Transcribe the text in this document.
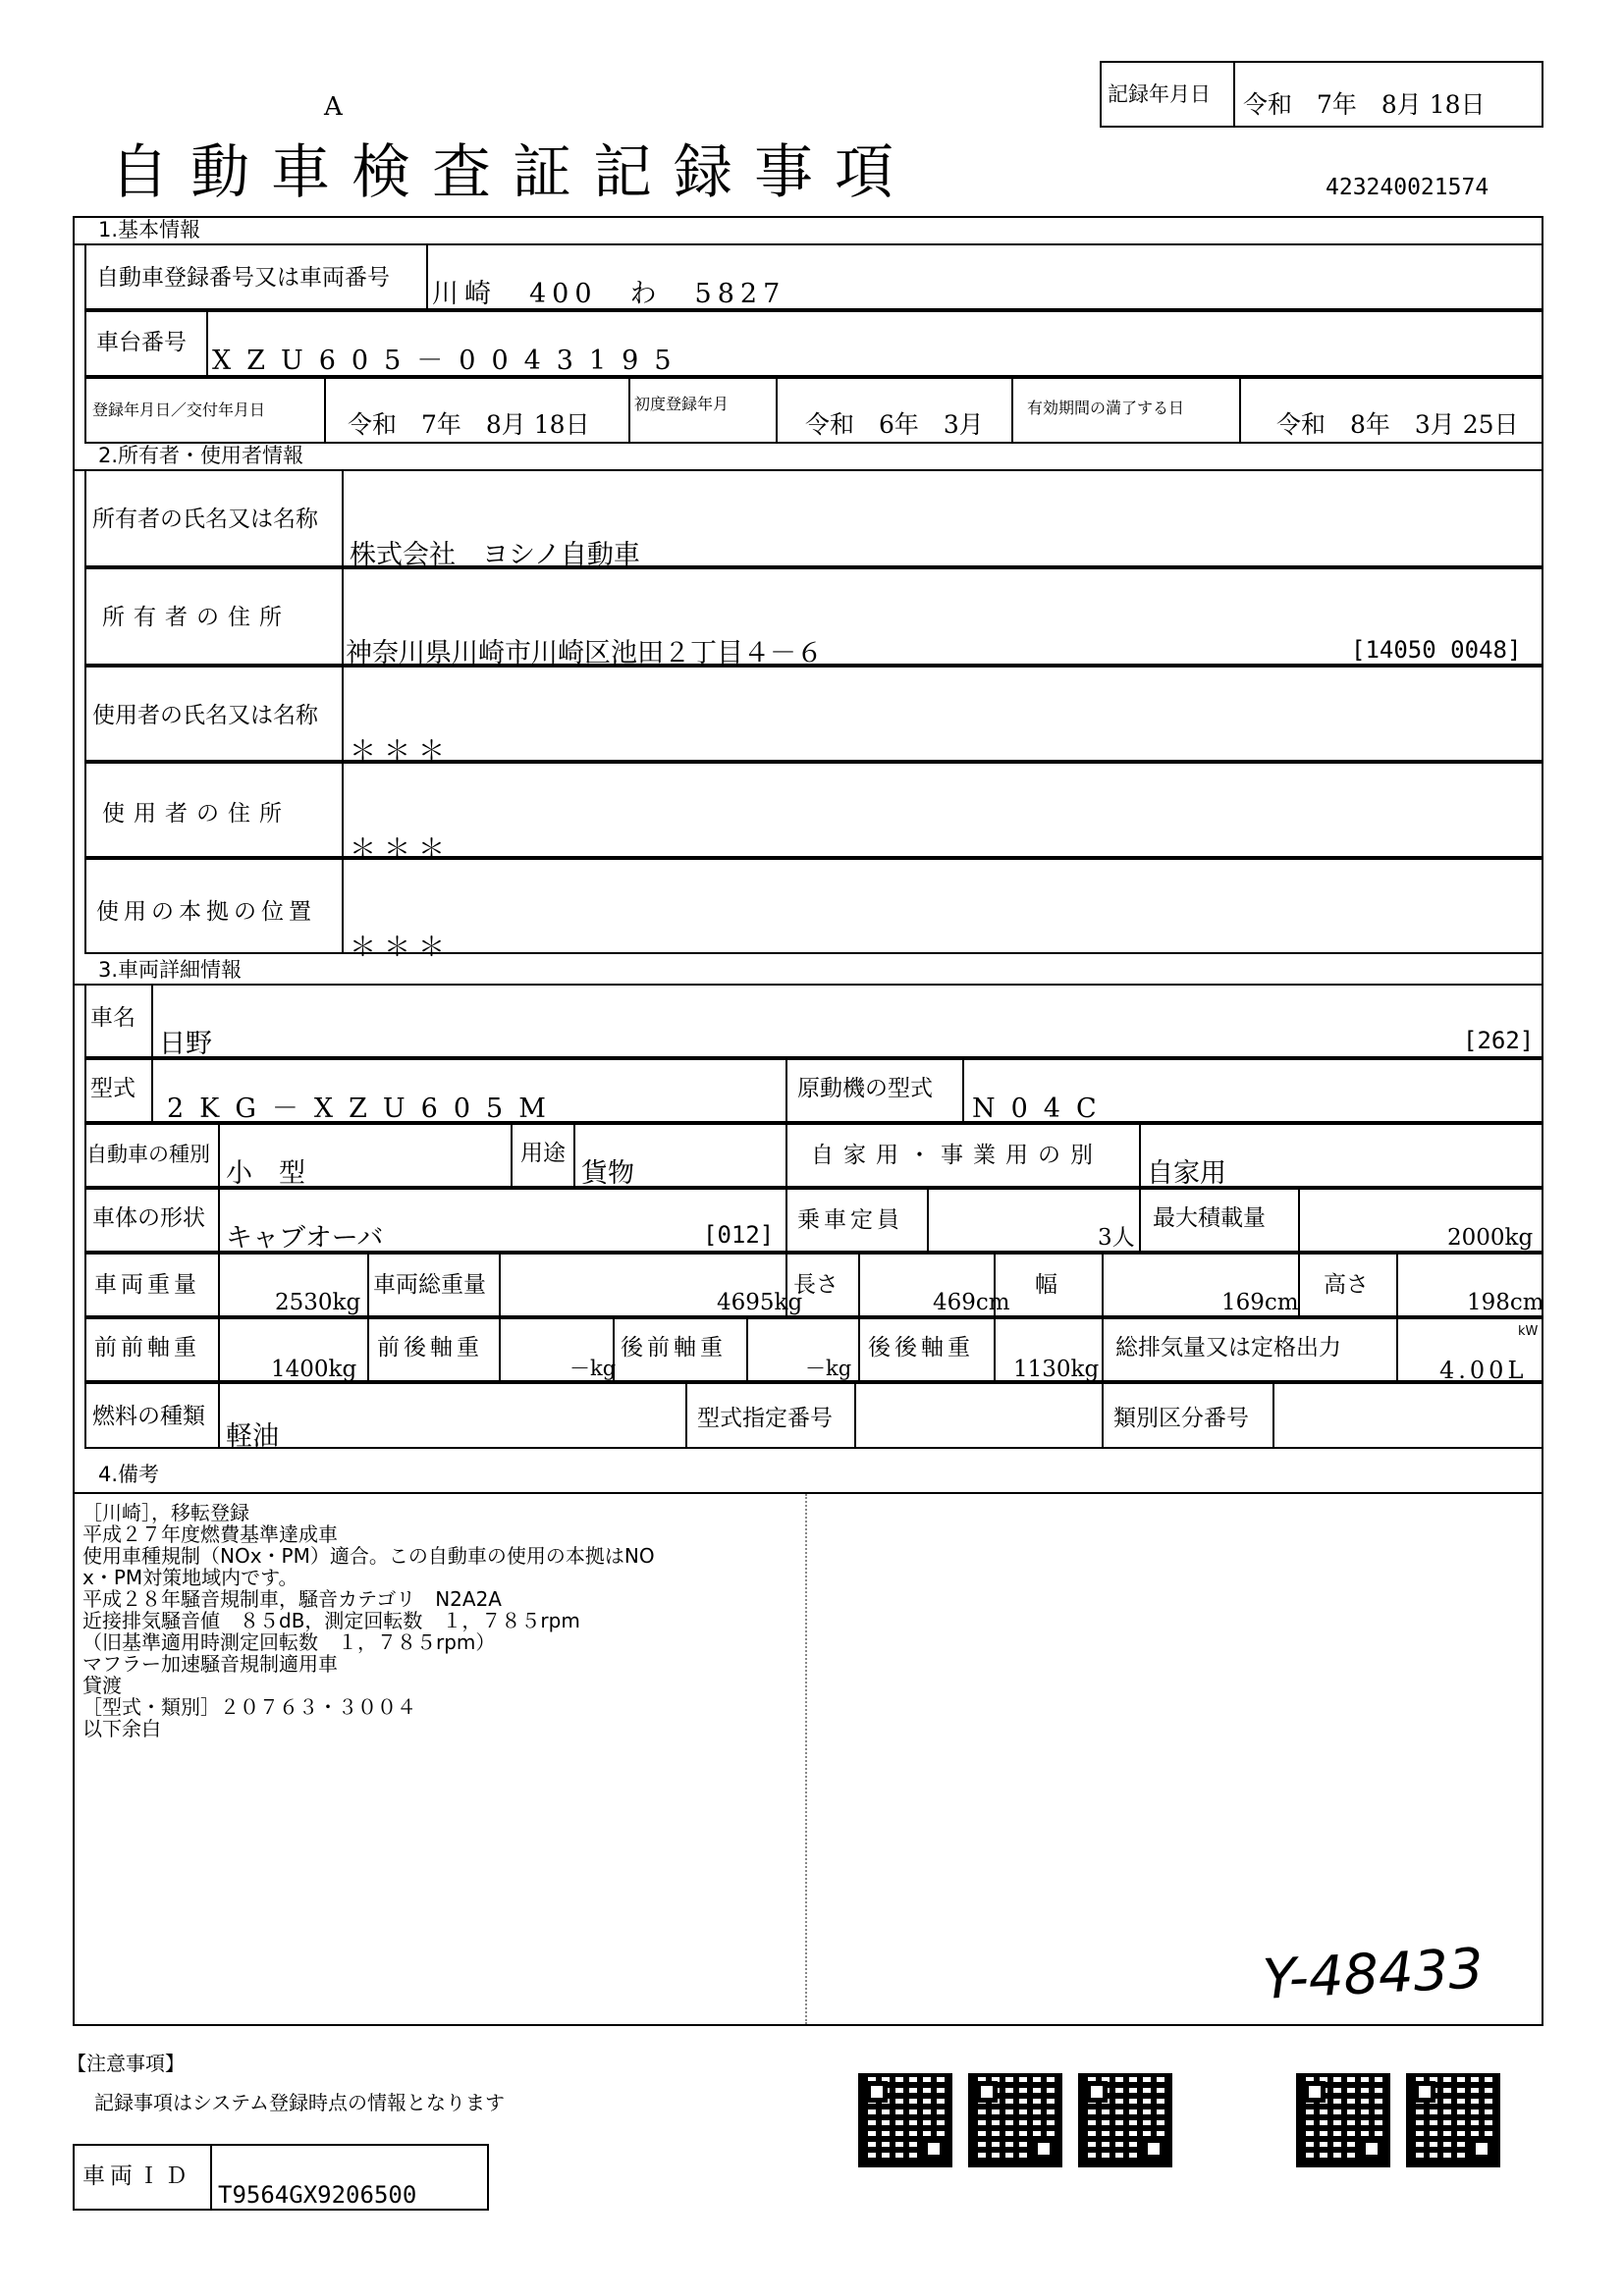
A
自動車検査証記録事項
記録年月日 令和　7年　8月 18日
423240021574
1.基本情報
自動車登録番号又は車両番号
川崎　400　わ　5827
車台番号
XZU605－0043195
登録年月日／交付年月日
令和　7年　8月 18日
初度登録年月
令和　6年　3月
有効期間の満了する日
令和　8年　3月 25日
2.所有者・使用者情報
所有者の氏名又は名称
株式会社　ヨシノ自動車
所有者の住所
神奈川県川崎市川崎区池田２丁目４－６	[14050 0048]
使用者の氏名又は名称
＊＊＊
使用者の住所
＊＊＊
使用の本拠の位置
＊＊＊
3.車両詳細情報
車名
日野	[262]
型式
2KG－XZU605M
原動機の型式
N04C
自動車の種別
小　型
用途
貨物
自家用・事業用の別
自家用
車体の形状
キャブオーバ	[012]
乗車定員
3人
最大積載量
2000kg
車両重量
2530kg
車両総重量
4695kg
長さ
469cm
幅
169cm
高さ
198cm
前前軸重
1400kg
前後軸重
－kg
後前軸重
－kg
後後軸重
1130kg
総排気量又は定格出力
kW
4.00L
燃料の種類
軽油
型式指定番号	類別区分番号
4.備考
［川崎］，移転登録
平成２７年度燃費基準達成車
使用車種規制（NOx・PM）適合。この自動車の使用の本拠はNO
x・PM対策地域内です。
平成２８年騒音規制車，騒音カテゴリ　N2A2A
近接排気騒音値　８５dB，測定回転数　１，７８５rpm
（旧基準適用時測定回転数　１，７８５rpm）
マフラー加速騒音規制適用車
貸渡
［型式・類別］２０７６３・３００４
以下余白
Y-48433
【注意事項】
記録事項はシステム登録時点の情報となります
車両ＩＤ
T9564GX9206500
